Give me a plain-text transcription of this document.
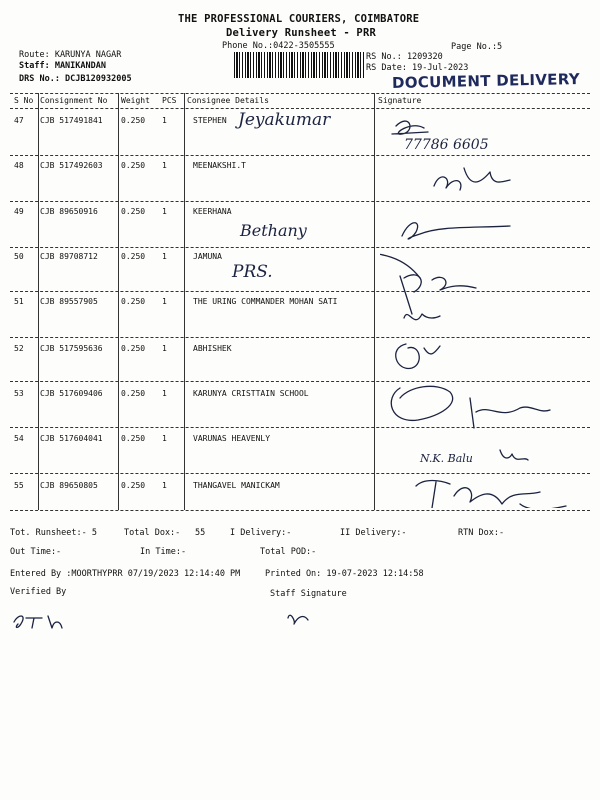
THE PROFESSIONAL COURIERS, COIMBATORE
Delivery Runsheet - PRR
Phone No.:0422-3505555	Page No.:5
Route: KARUNYA NAGAR
Staff: MANIKANDAN
DRS No.: DCJB120932005
RS No.: 1209320
RS Date: 19-Jul-2023
DOCUMENT DELIVERY
S No Consignment No Weight PCS Consignee Details	Signature
47 CJB 517491841 0.250 1	STEPHEN
48 CJB 517492603 0.250 1	MEENAKSHI.T
49 CJB 89650916	0.250 1	KEERHANA
50 CJB 89708712	0.250 1	JAMUNA
51 CJB 89557905	0.250 1	THE URING COMMANDER MOHAN SATI
52 CJB 517595636 0.250 1	ABHISHEK
53 CJB 517609406 0.250 1	KARUNYA CRISTTAIN SCHOOL
54 CJB 517604041 0.250 1	VARUNAS HEAVENLY
55 CJB 89650805	0.250 1	THANGAVEL MANICKAM
Jeyakumar
77786 6605
Bethany
PRS.
N.K. Balu
Tot. Runsheet:- 5	Total Dox:- 55	I Delivery:-	II Delivery:-	RTN Dox:-
Out Time:-	In Time:-	Total POD:-
Entered By :MOORTHYPRR 07/19/2023 12:14:40 PM	Printed On: 19-07-2023 12:14:58
Verified By	Staff Signature
